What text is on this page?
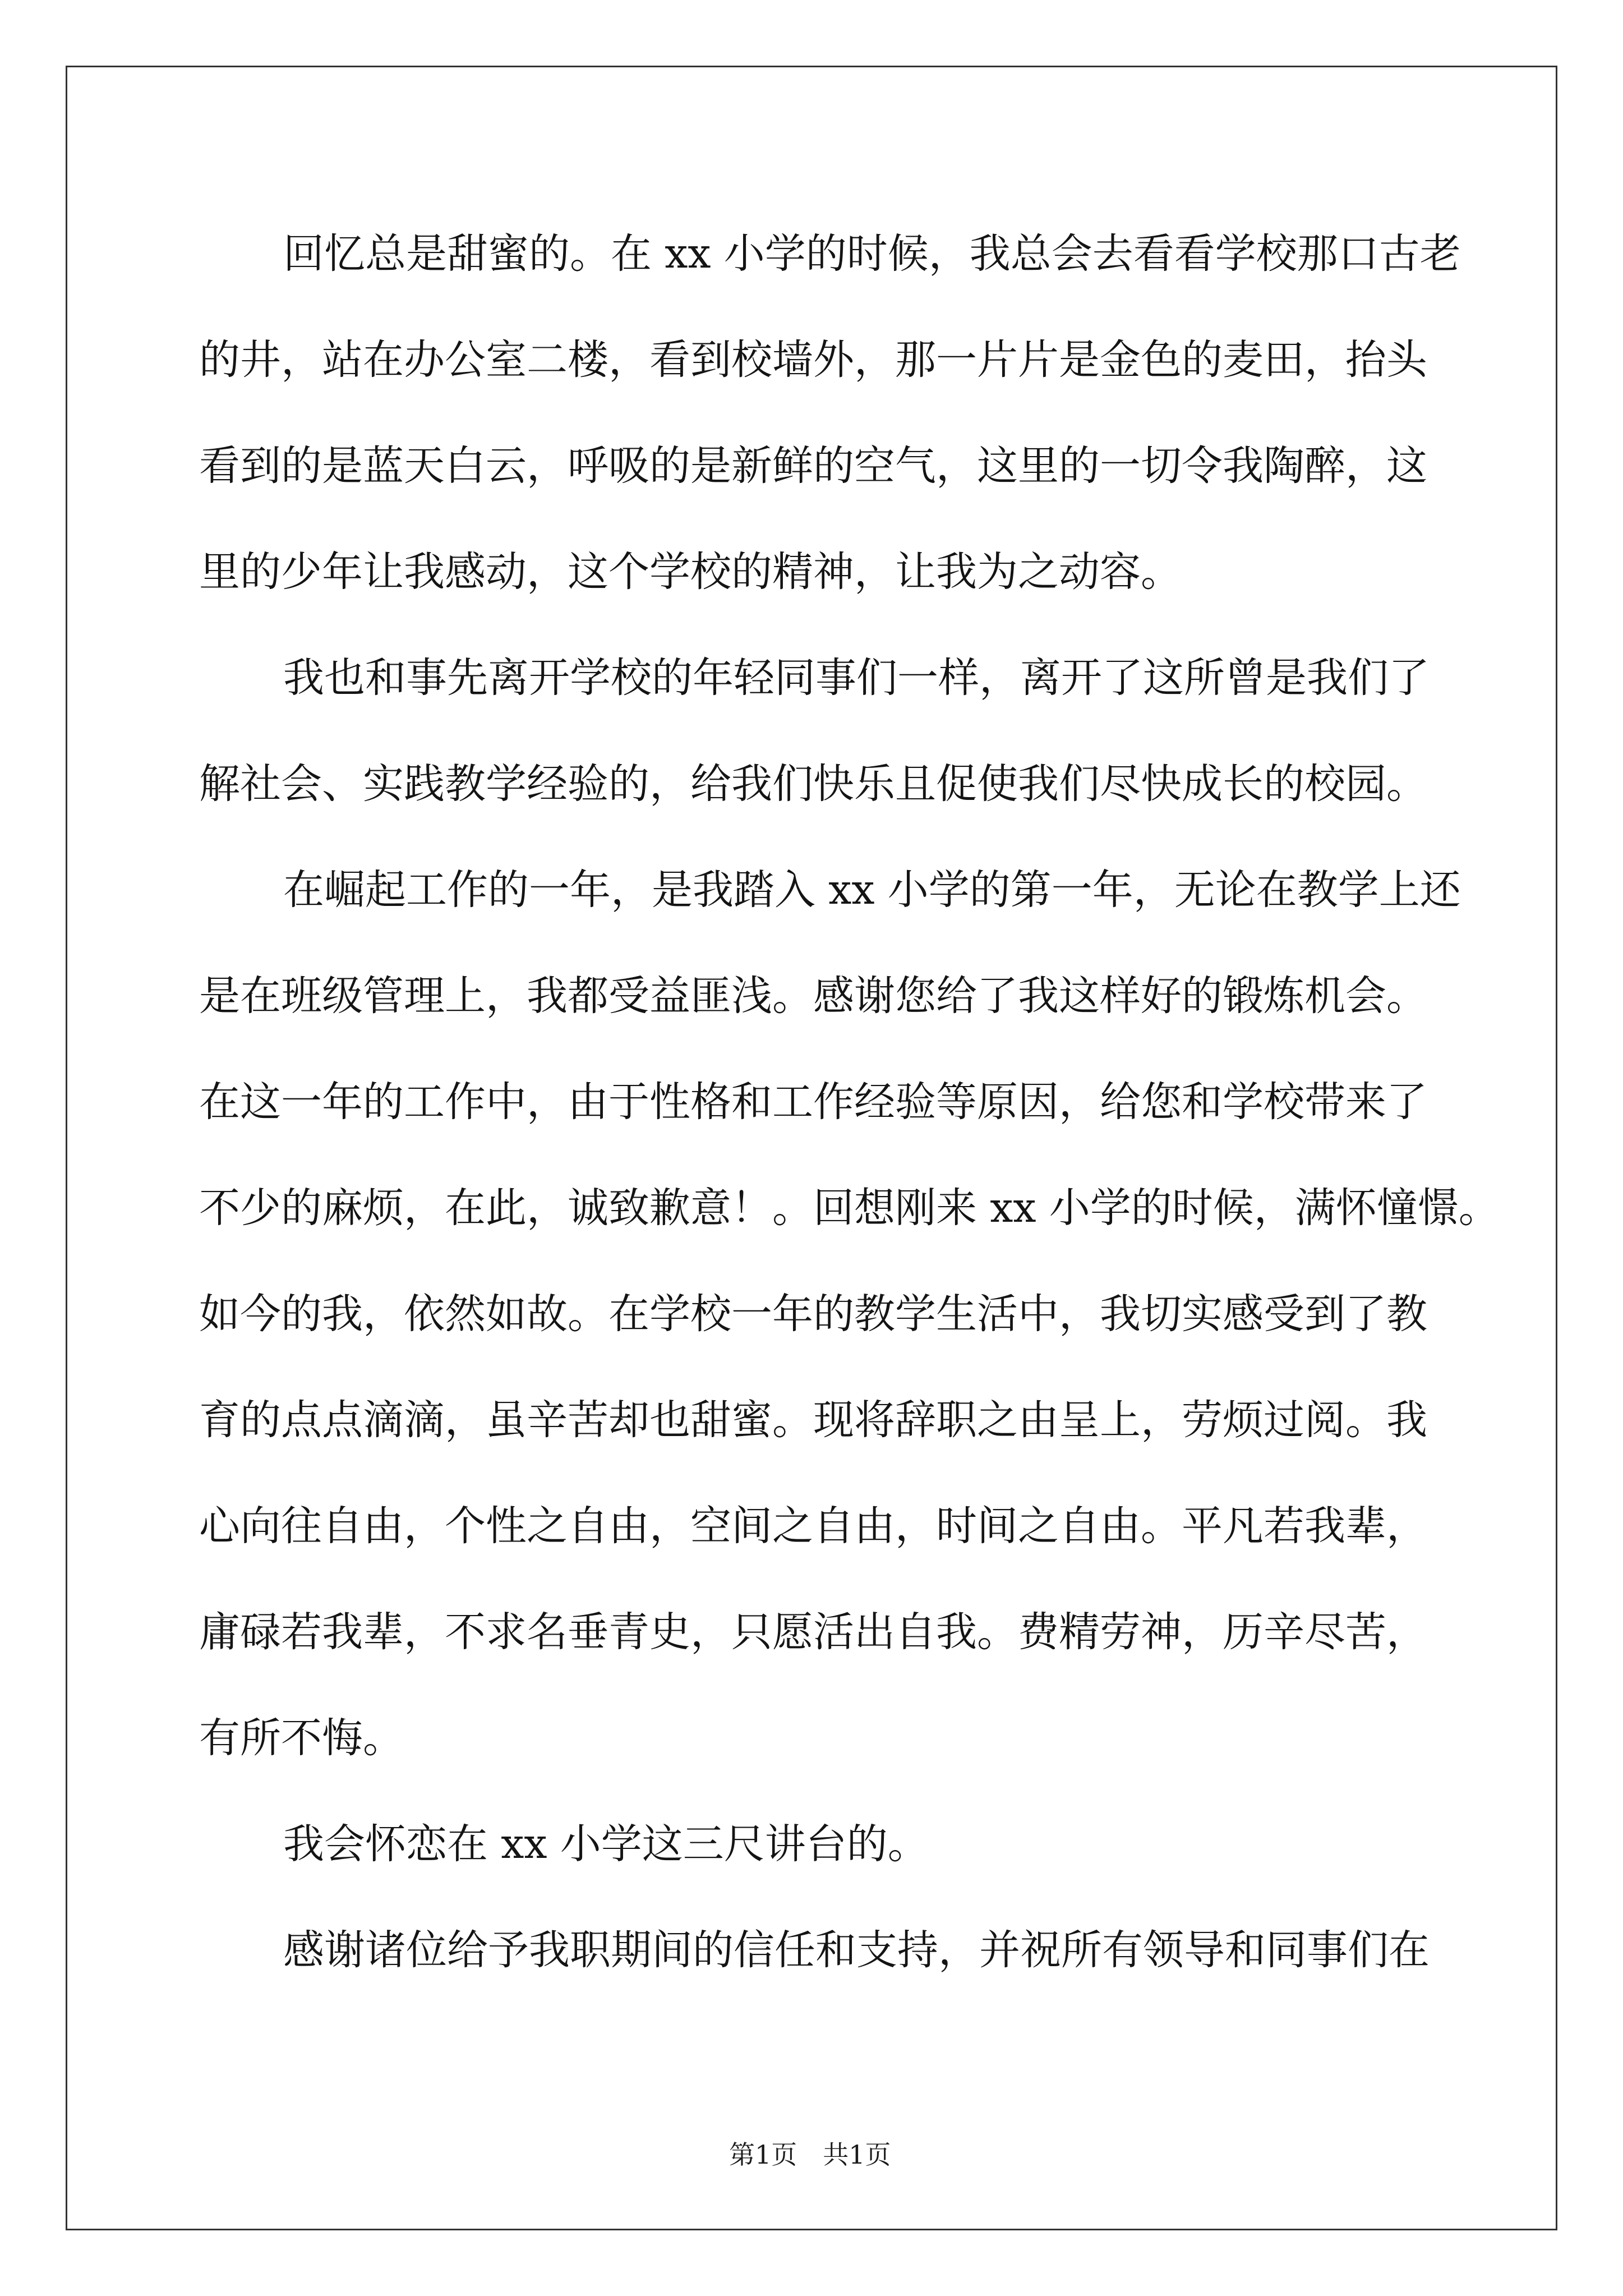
回忆总是甜蜜的。在 xx 小学的时候，我总会去看看学校那口古老
的井，站在办公室二楼，看到校墙外，那一片片是金色的麦田，抬头
看到的是蓝天白云，呼吸的是新鲜的空气，这里的一切令我陶醉，这
里的少年让我感动，这个学校的精神，让我为之动容。
我也和事先离开学校的年轻同事们一样，离开了这所曾是我们了
解社会、实践教学经验的，给我们快乐且促使我们尽快成长的校园。
在崛起工作的一年，是我踏入 xx 小学的第一年，无论在教学上还
是在班级管理上，我都受益匪浅。感谢您给了我这样好的锻炼机会。
在这一年的工作中，由于性格和工作经验等原因，给您和学校带来了
不少的麻烦，在此，诚致歉意！。回想刚来 xx 小学的时候，满怀憧憬。
如今的我，依然如故。在学校一年的教学生活中，我切实感受到了教
育的点点滴滴，虽辛苦却也甜蜜。现将辞职之由呈上，劳烦过阅。我
心向往自由，个性之自由，空间之自由，时间之自由。平凡若我辈，
庸碌若我辈，不求名垂青史，只愿活出自我。费精劳神，历辛尽苦，
有所不悔。
我会怀恋在 xx 小学这三尺讲台的。
感谢诸位给予我职期间的信任和支持，并祝所有领导和同事们在
第1页　共1页
